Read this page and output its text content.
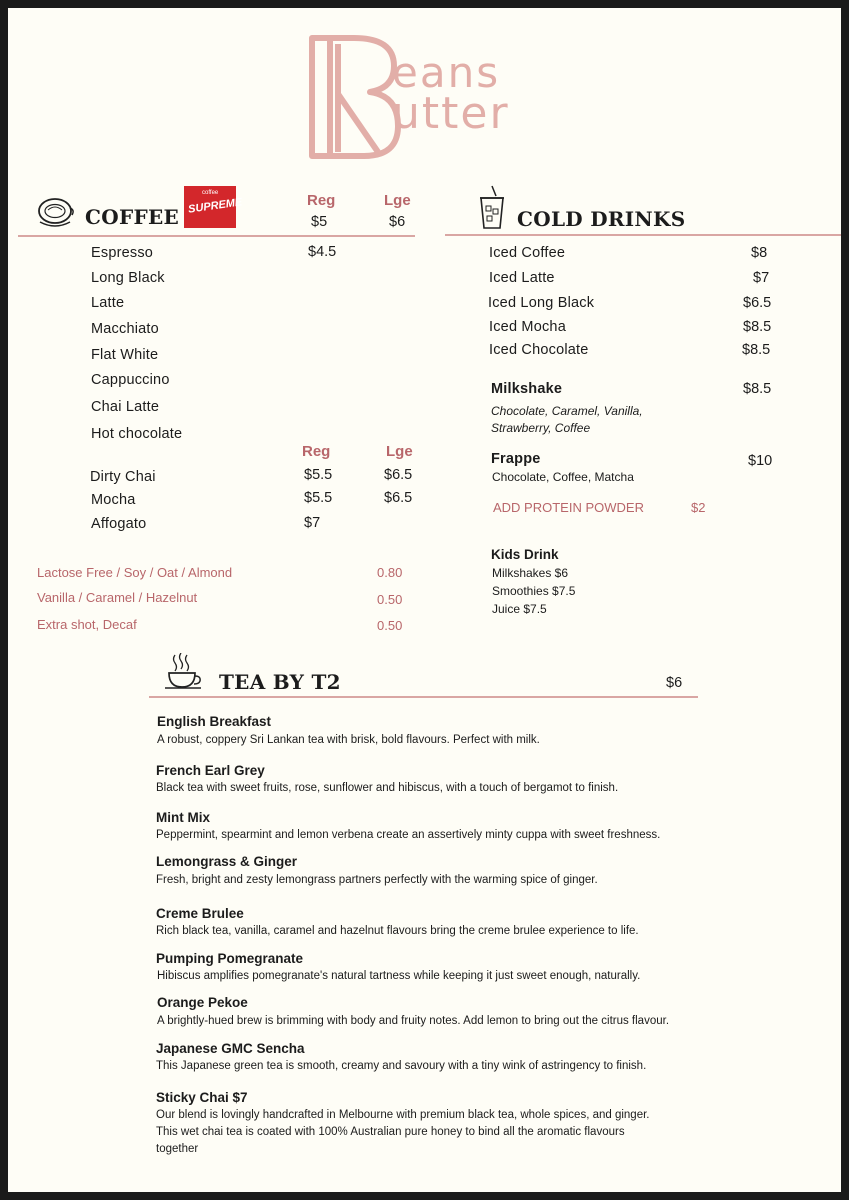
eans
utter
COFFEE
coffee
SUPREME	Reg	Lge
$5	$6
Espresso	$4.5
Long Black
Latte
Macchiato
Flat White
Cappuccino
Chai Latte
Hot chocolate
Reg	Lge
Dirty Chai	$5.5	$6.5
Mocha	$5.5	$6.5
Affogato	$7
Lactose Free / Soy / Oat / Almond	0.80
Vanilla / Caramel / Hazelnut	0.50
Extra shot, Decaf	0.50
COLD DRINKS
Iced Coffee	$8
Iced Latte	$7
Iced Long Black	$6.5
Iced Mocha	$8.5
Iced Chocolate	$8.5
Milkshake	$8.5
Chocolate, Caramel, Vanilla,
Strawberry, Coffee
Frappe	$10
Chocolate, Coffee, Matcha
ADD PROTEIN POWDER	$2
Kids Drink
Milkshakes $6
Smoothies $7.5
Juice $7.5
TEA BY T2	$6
English Breakfast
A robust, coppery Sri Lankan tea with brisk, bold flavours. Perfect with milk.
French Earl Grey
Black tea with sweet fruits, rose, sunflower and hibiscus, with a touch of bergamot to finish.
Mint Mix
Peppermint, spearmint and lemon verbena create an assertively minty cuppa with sweet freshness.
Lemongrass & Ginger
Fresh, bright and zesty lemongrass partners perfectly with the warming spice of ginger.
Creme Brulee
Rich black tea, vanilla, caramel and hazelnut flavours bring the creme brulee experience to life.
Pumping Pomegranate
Hibiscus amplifies pomegranate's natural tartness while keeping it just sweet enough, naturally.
Orange Pekoe
A brightly-hued brew is brimming with body and fruity notes. Add lemon to bring out the citrus flavour.
Japanese GMC Sencha
This Japanese green tea is smooth, creamy and savoury with a tiny wink of astringency to finish.
Sticky Chai $7
Our blend is lovingly handcrafted in Melbourne with premium black tea, whole spices, and ginger.
This wet chai tea is coated with 100% Australian pure honey to bind all the aromatic flavours
together
